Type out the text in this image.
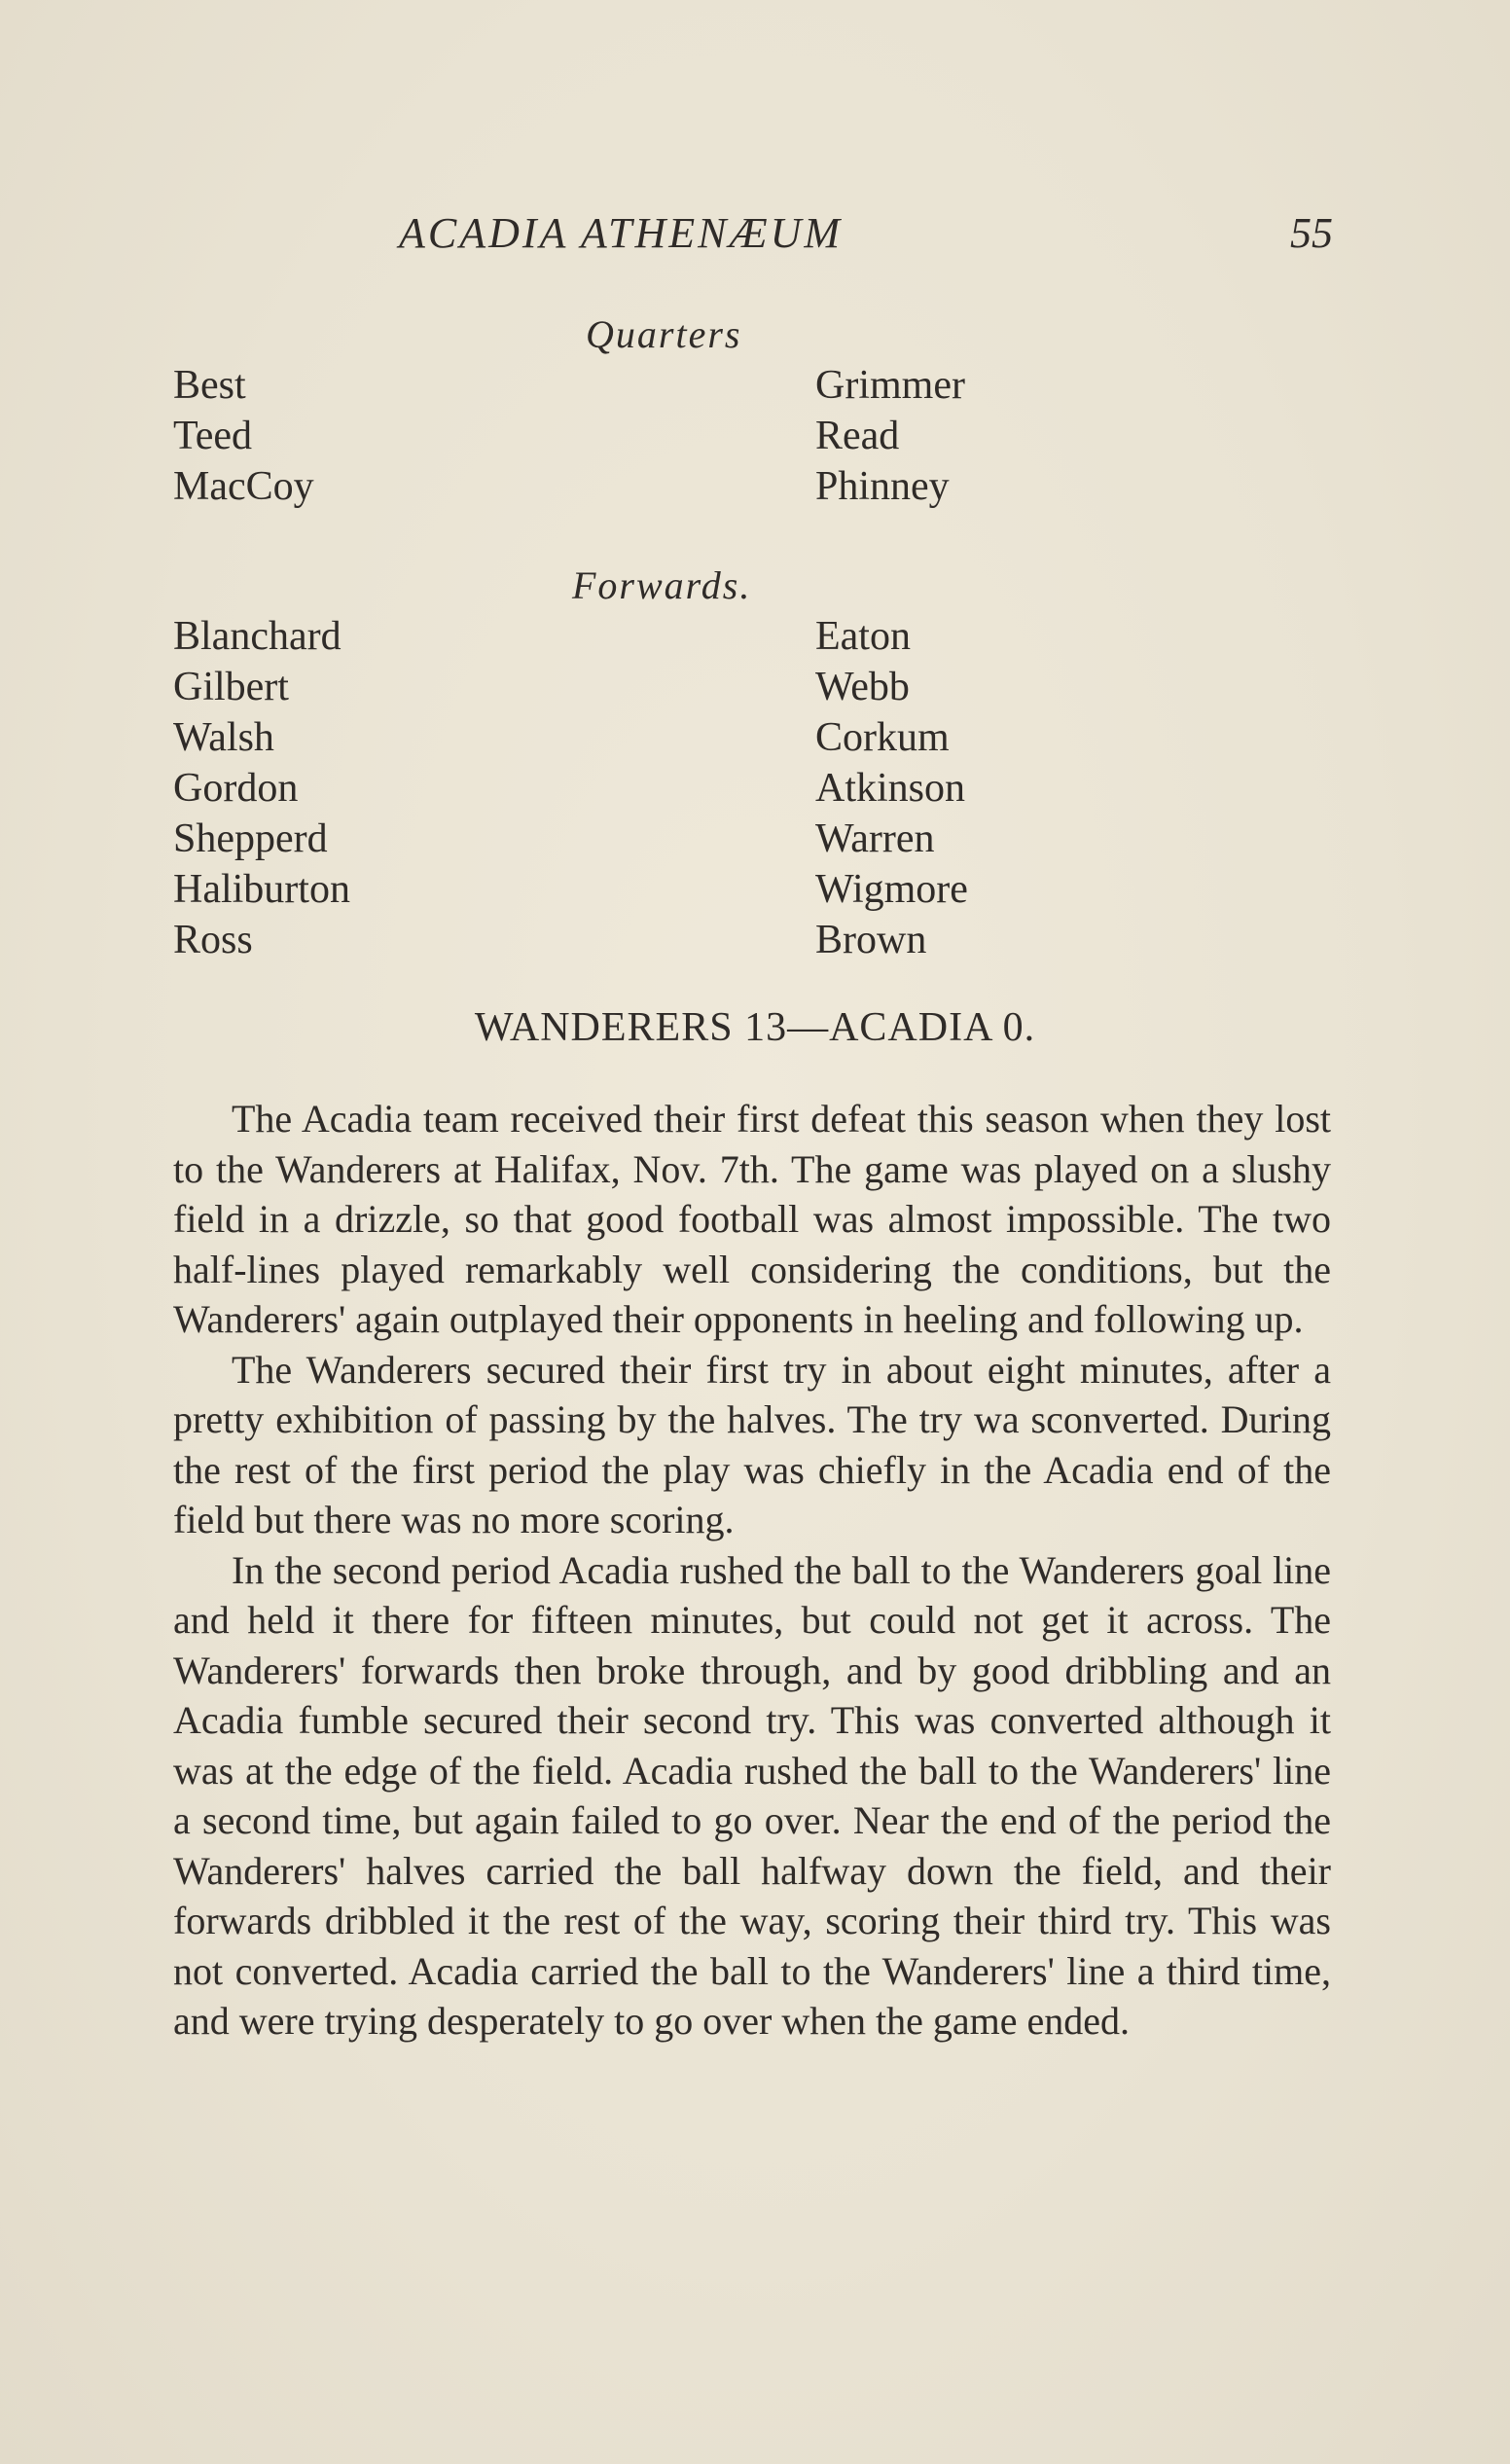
ACADIA ATHENÆUM	55
Quarters
Best
Teed
MacCoy
Grimmer
Read
Phinney
Forwards.
Blanchard
Gilbert
Walsh
Gordon
Shepperd
Haliburton
Ross
Eaton
Webb
Corkum
Atkinson
Warren
Wigmore
Brown
WANDERERS 13—ACADIA 0.

The Acadia team received their first defeat this season when they lost to the Wanderers at Halifax, Nov. 7th. The game was played on a slushy field in a drizzle, so that good football was almost impossible. The two half-lines played remarkably well considering the conditions, but the Wanderers' again outplayed their opponents in heeling and following up.

The Wanderers secured their first try in about eight minutes, after a pretty exhibition of passing by the halves. The try wa sconverted. During the rest of the first period the play was chiefly in the Acadia end of the field but there was no more scoring.

In the second period Acadia rushed the ball to the Wanderers goal line and held it there for fifteen minutes, but could not get it across. The Wanderers' forwards then broke through, and by good dribbling and an Acadia fumble secured their second try. This was converted although it was at the edge of the field. Acadia rushed the ball to the Wanderers' line a second time, but again failed to go over. Near the end of the period the Wanderers' halves carried the ball halfway down the field, and their forwards dribbled it the rest of the way, scoring their third try. This was not converted. Acadia carried the ball to the Wanderers' line a third time, and were trying desperately to go over when the game ended.
